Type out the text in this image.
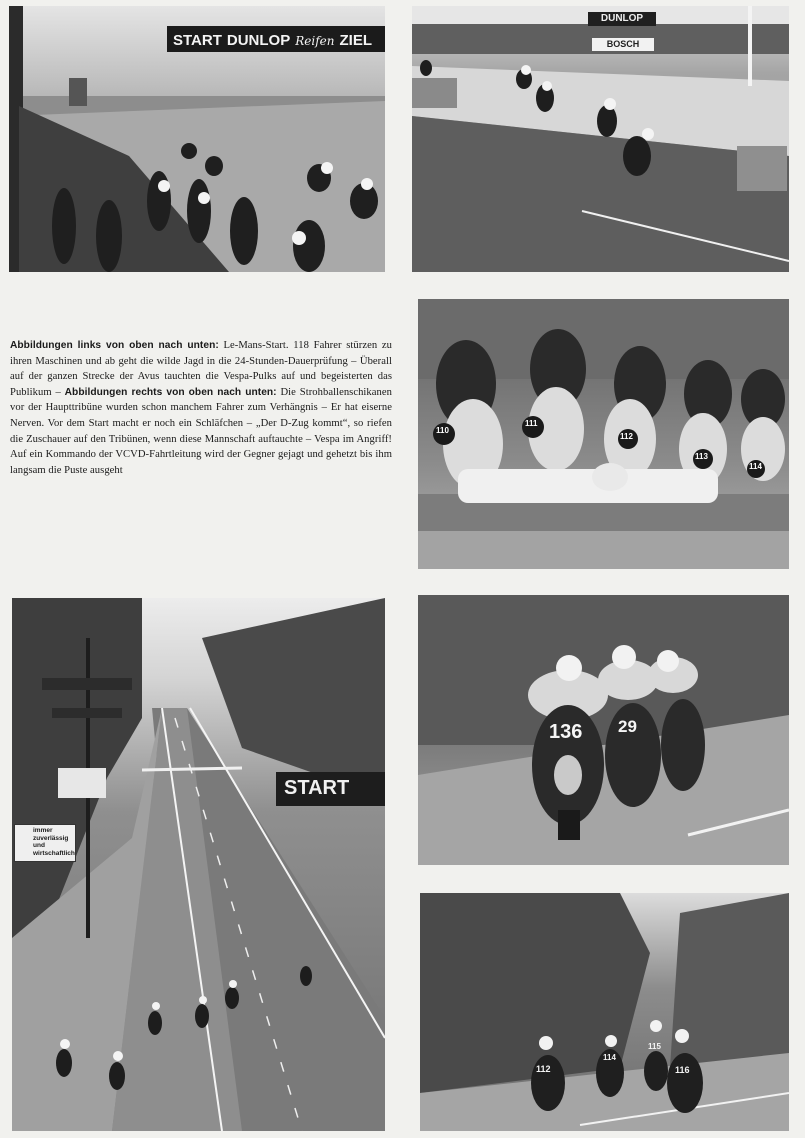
START DUNLOP Reifen ZIEL
DUNLOP
BOSCH
110
111
112
113
114
Abbildungen links von oben nach unten: Le-Mans-Start. 118 Fahrer stürzen zu ihren Maschinen und ab geht die wilde Jagd in die 24-Stunden-Dauerprüfung – Überall auf der ganzen Strecke der Avus tauchten die Vespa-Pulks auf und begeisterten das Publikum – Abbildungen rechts von oben nach unten: Die Strohballenschikanen vor der Haupttribüne wurden schon manchem Fahrer zum Verhängnis – Er hat eiserne Nerven. Vor dem Start macht er noch ein Schläfchen – „Der D-Zug kommt“, so riefen die Zuschauer auf den Tribünen, wenn diese Mannschaft auftauchte – Vespa im Angriff! Auf ein Kommando der VCVD-Fahrtleitung wird der Gegner gejagt und gehetzt bis ihm langsam die Puste ausgeht
START
immer
zuverlässig
und
wirtschaftlich
136 29
112
114
115
116
